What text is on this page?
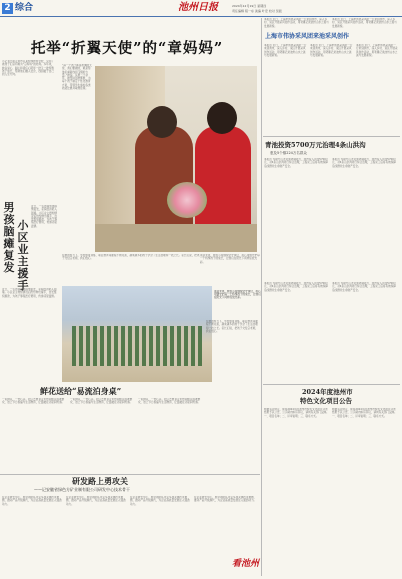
2 综合	池州日报	2024年12月19日 星期四
责任编辑 程一东 美编 叶宏 校对 吴振
小记者日前走进市区某特殊教育学校，见到了被孩子们亲切称为“章妈妈”的老师。多年来，她以爱心、耐心和责任心陪伴一批又一批特殊孩子成长，帮助他们融入社会，找到属于自己的人生方向。
托举“折翼天使”的“章妈妈”
“每一个孩子都是折翼的天使，我们要做的，就是帮他们重新找到飞翔的力量。”她说。从教二十余年，她坚持因材施教，为每个孩子制定个性化教育方案，带领学生参加各类技能比赛并取得佳绩。
男孩脑瘫复发
小区业主援手
近日，一名患病男孩病情复发，家庭经济陷入困境。小区业主得知情况后纷纷伸出援手，自发组织捐款，为孩子筹集医疗费用，传递邻里温情。
近日，一名患病男孩病情复发，家庭经济陷入困境。小区业主得知情况后纷纷伸出援手，自发组织捐款，为孩子筹集医疗费用，传递邻里温情。
在她的努力下，学校康复训练、职业教育等课程不断完善，越来越多的孩子学会了生活自理和一技之长。家长们说，把孩子交给章老师，我们放心。
谈起未来，她表示将继续坚守岗位，用心用情守护每一个特殊孩子的成长，让他们在阳光下同样绽放光彩。
谈起未来，她表示将继续坚守岗位，用心用情守护每一个特殊孩子的成长，让他们在阳光下同样绽放光彩。
鲜花送给“易流泊身桌”
一束鲜花，一份心意。社区志愿者走访慰问辖区困难群众，送上节日祝福与生活物资，让温暖在邻里间传递。
一束鲜花，一份心意。社区志愿者走访慰问辖区困难群众，送上节日祝福与生活物资，让温暖在邻里间传递。
一束鲜花，一份心意。社区志愿者走访慰问辖区困难群众，送上节日祝福与生活物资，让温暖在邻里间传递。
在她的努力下，学校康复训练、职业教育等课程不断完善，越来越多的孩子学会了生活自理和一技之长。家长们说，把孩子交给章老师，我们放心。
研发路上勇攻关
——记安徽省绿色方矿业制有限公司研发中心技术骨干
在企业研发中心，他带领团队攻克多项关键技术难题，推动产品升级换代，为企业高质量发展注入强劲动力。
在企业研发中心，他带领团队攻克多项关键技术难题，推动产品升级换代，为企业高质量发展注入强劲动力。
在企业研发中心，他带领团队攻克多项关键技术难题，推动产品升级换代，为企业高质量发展注入强劲动力。
在企业研发中心，他带领团队攻克多项关键技术难题，推动产品升级换代，为企业高质量发展注入强劲动力。
本报讯 近日，上海市伟协采风团一行来到我市，深入乡村、景区开展采风创作活动，用笔墨记录池州山水之美与发展新貌。
本报讯 近日，上海市伟协采风团一行来到我市，深入乡村、景区开展采风创作活动，用笔墨记录池州山水之美与发展新貌。
上海市伟协采风团来池采风创作
本报讯 近日，上海市伟协采风团一行来到我市，深入乡村、景区开展采风创作活动，用笔墨记录池州山水之美与发展新貌。
本报讯 近日，上海市伟协采风团一行来到我市，深入乡村、景区开展采风创作活动，用笔墨记录池州山水之美与发展新貌。
本报讯 近日，上海市伟协采风团一行来到我市，深入乡村、景区开展采风创作活动，用笔墨记录池州山水之美与发展新貌。
青池投资5700万元治理4条山洪沟
惠及5个镇224万名群众
本报讯 为提升山洪灾害防御能力，我市投入资金5700万元，对4条山洪沟进行综合治理，工程完工后将有效保障沿线群众生命财产安全。
本报讯 为提升山洪灾害防御能力，我市投入资金5700万元，对4条山洪沟进行综合治理，工程完工后将有效保障沿线群众生命财产安全。
本报讯 为提升山洪灾害防御能力，我市投入资金5700万元，对4条山洪沟进行综合治理，工程完工后将有效保障沿线群众生命财产安全。
本报讯 为提升山洪灾害防御能力，我市投入资金5700万元，对4条山洪沟进行综合治理，工程完工后将有效保障沿线群众生命财产安全。
2024年度池州市
特色文化项目公告
根据有关规定，现将2024年度池州市特色文化项目评选结果予以公告，公示期内如有异议，请向有关部门反映。一、项目名单；二、评审说明；三、联系方式。
根据有关规定，现将2024年度池州市特色文化项目评选结果予以公告，公示期内如有异议，请向有关部门反映。一、项目名单；二、评审说明；三、联系方式。
看池州
